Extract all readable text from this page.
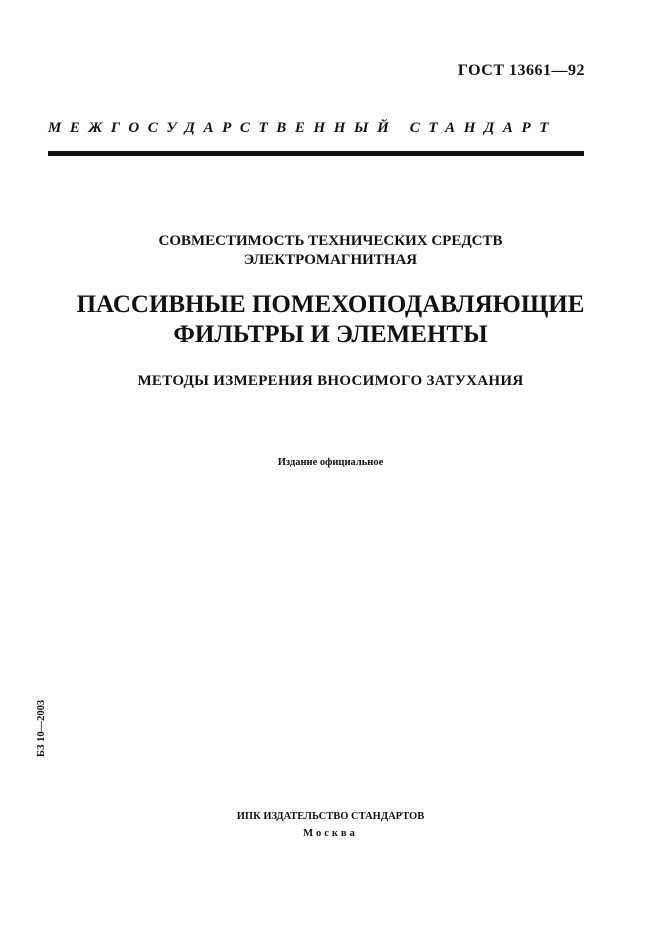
ГОСТ 13661—92
МЕЖГОСУДАРСТВЕННЫЙ СТАНДАРТ
СОВМЕСТИМОСТЬ ТЕХНИЧЕСКИХ СРЕДСТВ
ЭЛЕКТРОМАГНИТНАЯ
ПАССИВНЫЕ ПОМЕХОПОДАВЛЯЮЩИЕ
ФИЛЬТРЫ И ЭЛЕМЕНТЫ
МЕТОДЫ ИЗМЕРЕНИЯ ВНОСИМОГО ЗАТУХАНИЯ
Издание официальное
БЗ 10—2003
ИПК ИЗДАТЕЛЬСТВО СТАНДАРТОВ
Москва
